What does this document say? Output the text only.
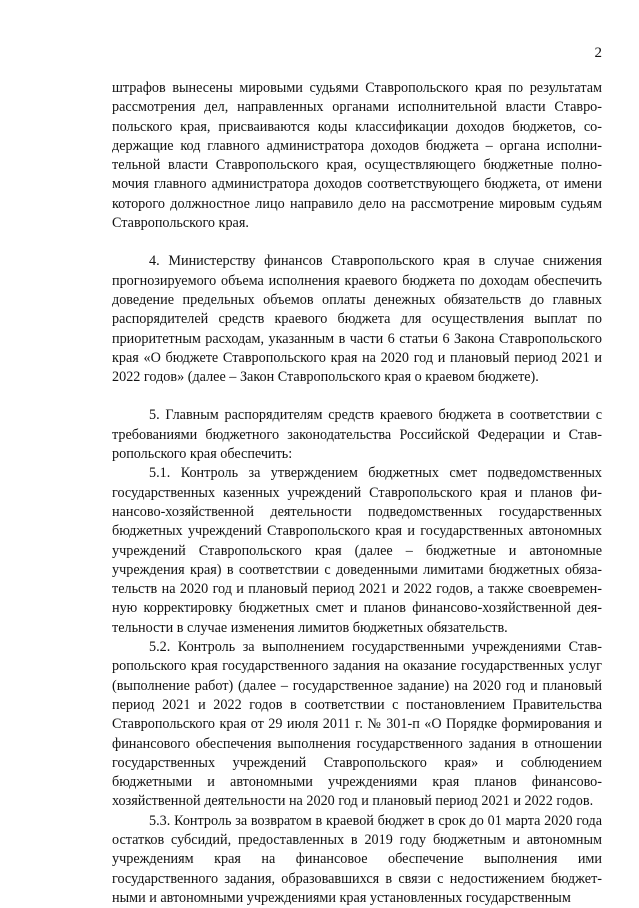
2

штрафов вынесены мировыми судьями Ставропольского края по результатам рассмотрения дел, направленных органами исполнительной власти Ставропольского края, присваиваются коды классификации доходов бюджетов, содержащие код главного администратора доходов бюджета – органа исполнительной власти Ставропольского края, осуществляющего бюджетные полномочия главного администратора доходов соответствующего бюджета, от имени которого должностное лицо направило дело на рассмотрение мировым судьям Ставропольского края.

4. Министерству финансов Ставропольского края в случае снижения прогнозируемого объема исполнения краевого бюджета по доходам обеспечить доведение предельных объемов оплаты денежных обязательств до главных распорядителей средств краевого бюджета для осуществления выплат по приоритетным расходам, указанным в части 6 статьи 6 Закона Ставропольского края «О бюджете Ставропольского края на 2020 год и плановый период 2021 и 2022 годов» (далее – Закон Ставропольского края о краевом бюджете).

5. Главным распорядителям средств краевого бюджета в соответствии с требованиями бюджетного законодательства Российской Федерации и Ставропольского края обеспечить:

5.1. Контроль за утверждением бюджетных смет подведомственных государственных казенных учреждений Ставропольского края и планов финансово-хозяйственной деятельности подведомственных государственных бюджетных учреждений Ставропольского края и государственных автономных учреждений Ставропольского края (далее – бюджетные и автономные учреждения края) в соответствии с доведенными лимитами бюджетных обязательств на 2020 год и плановый период 2021 и 2022 годов, а также своевременную корректировку бюджетных смет и планов финансово-хозяйственной деятельности в случае изменения лимитов бюджетных обязательств.

5.2. Контроль за выполнением государственными учреждениями Ставропольского края государственного задания на оказание государственных услуг (выполнение работ) (далее – государственное задание) на 2020 год и плановый период 2021 и 2022 годов в соответствии с постановлением Правительства Ставропольского края от 29 июля 2011 г. № 301-п «О Порядке формирования и финансового обеспечения выполнения государственного задания в отношении государственных учреждений Ставропольского края» и соблюдением бюджетными и автономными учреждениями края планов финансовохозяйственной деятельности на 2020 год и плановый период 2021 и 2022 годов.

5.3. Контроль за возвратом в краевой бюджет в срок до 01 марта 2020 года остатков субсидий, предоставленных в 2019 году бюджетным и автономным учреждениям края на финансовое обеспечение выполнения ими государственного задания, образовавшихся в связи с недостижением бюджетными и автономными учреждениями края установленных государственным
